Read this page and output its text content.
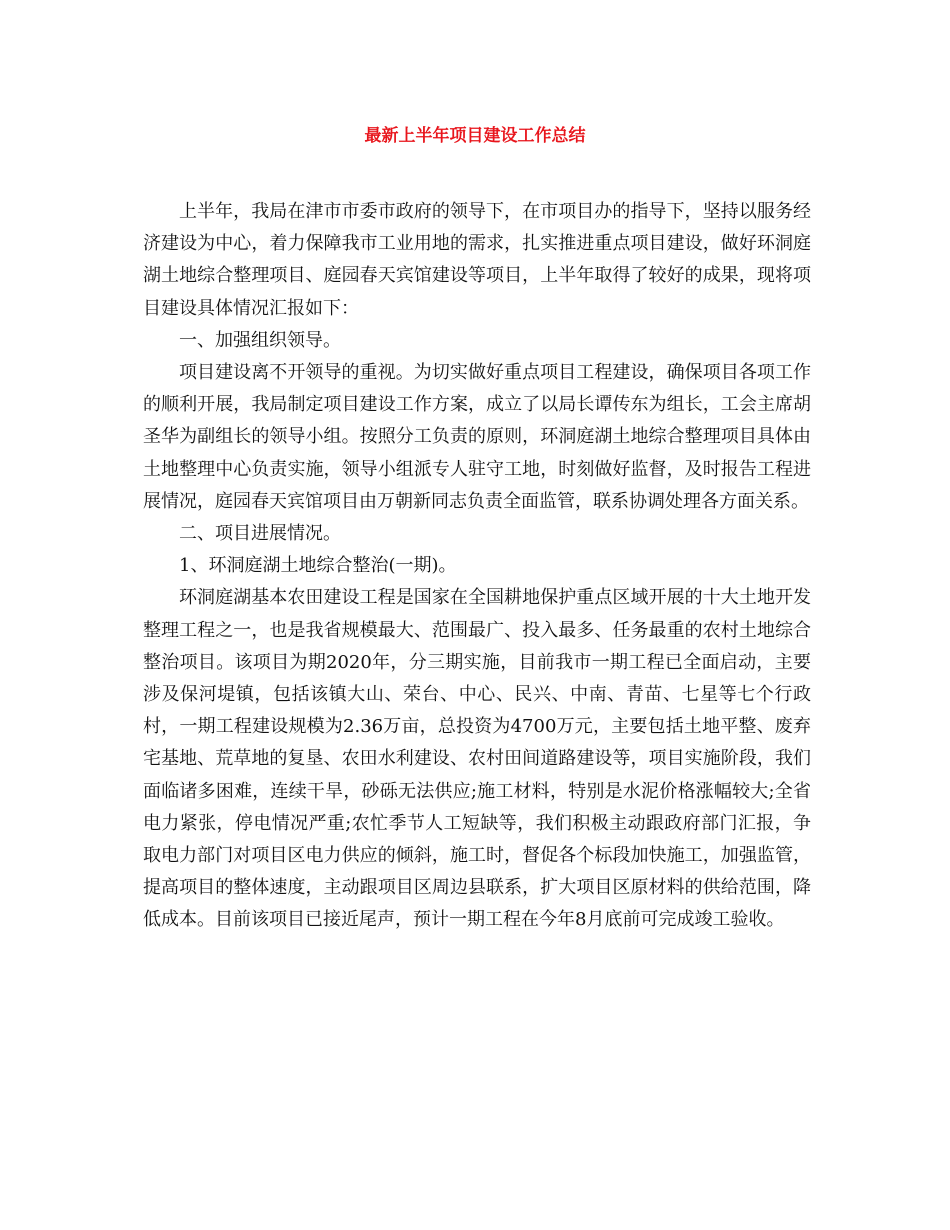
最新上半年项目建设工作总结

上半年，我局在津市市委市政府的领导下，在市项目办的指导下，坚持以服务经济建设为中心，着力保障我市工业用地的需求，扎实推进重点项目建设，做好环洞庭湖土地综合整理项目、庭园春天宾馆建设等项目，上半年取得了较好的成果，现将项目建设具体情况汇报如下：

一、加强组织领导。

项目建设离不开领导的重视。为切实做好重点项目工程建设，确保项目各项工作的顺利开展，我局制定项目建设工作方案，成立了以局长谭传东为组长，工会主席胡圣华为副组长的领导小组。按照分工负责的原则，环洞庭湖土地综合整理项目具体由土地整理中心负责实施，领导小组派专人驻守工地，时刻做好监督，及时报告工程进展情况，庭园春天宾馆项目由万朝新同志负责全面监管，联系协调处理各方面关系。

二、项目进展情况。

1、环洞庭湖土地综合整治(一期)。

环洞庭湖基本农田建设工程是国家在全国耕地保护重点区域开展的十大土地开发整理工程之一，也是我省规模最大、范围最广、投入最多、任务最重的农村土地综合整治项目。该项目为期2020年，分三期实施，目前我市一期工程已全面启动，主要涉及保河堤镇，包括该镇大山、荣台、中心、民兴、中南、青苗、七星等七个行政村，一期工程建设规模为2.36万亩，总投资为4700万元，主要包括土地平整、废弃宅基地、荒草地的复垦、农田水利建设、农村田间道路建设等，项目实施阶段，我们面临诸多困难，连续干旱，砂砾无法供应;施工材料，特别是水泥价格涨幅较大;全省电力紧张，停电情况严重;农忙季节人工短缺等，我们积极主动跟政府部门汇报，争取电力部门对项目区电力供应的倾斜，施工时，督促各个标段加快施工，加强监管，提高项目的整体速度，主动跟项目区周边县联系，扩大项目区原材料的供给范围，降低成本。目前该项目已接近尾声，预计一期工程在今年8月底前可完成竣工验收。
